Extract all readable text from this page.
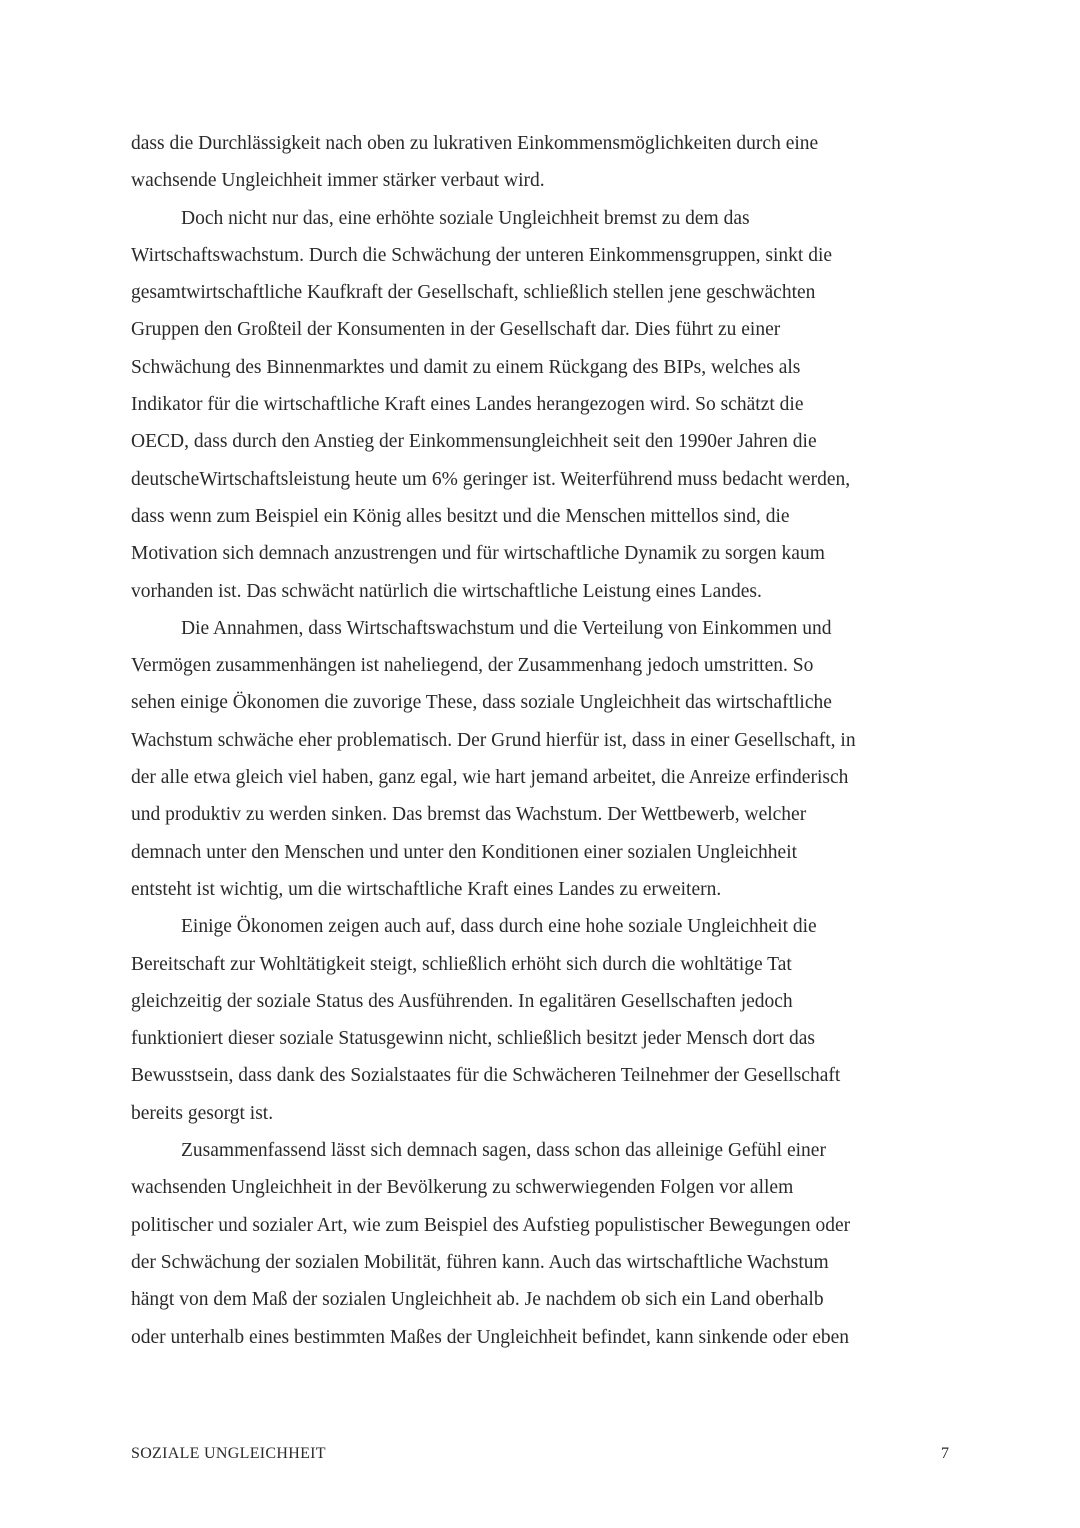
dass die Durchlässigkeit nach oben zu lukrativen Einkommensmöglichkeiten durch eine
wachsende Ungleichheit immer stärker verbaut wird.
Doch nicht nur das, eine erhöhte soziale Ungleichheit bremst zu dem das
Wirtschaftswachstum. Durch die Schwächung der unteren Einkommensgruppen, sinkt die
gesamtwirtschaftliche Kaufkraft der Gesellschaft, schließlich stellen jene geschwächten
Gruppen den Großteil der Konsumenten in der Gesellschaft dar. Dies führt zu einer
Schwächung des Binnenmarktes und damit zu einem Rückgang des BIPs, welches als
Indikator für die wirtschaftliche Kraft eines Landes herangezogen wird. So schätzt die
OECD, dass durch den Anstieg der Einkommensungleichheit seit den 1990er Jahren die
deutscheWirtschaftsleistung heute um 6% geringer ist. Weiterführend muss bedacht werden,
dass wenn zum Beispiel ein König alles besitzt und die Menschen mittellos sind, die
Motivation sich demnach anzustrengen und für wirtschaftliche Dynamik zu sorgen kaum
vorhanden ist. Das schwächt natürlich die wirtschaftliche Leistung eines Landes.
Die Annahmen, dass Wirtschaftswachstum und die Verteilung von Einkommen und
Vermögen zusammenhängen ist naheliegend, der Zusammenhang jedoch umstritten. So
sehen einige Ökonomen die zuvorige These, dass soziale Ungleichheit das wirtschaftliche
Wachstum schwäche eher problematisch. Der Grund hierfür ist, dass in einer Gesellschaft, in
der alle etwa gleich viel haben, ganz egal, wie hart jemand arbeitet, die Anreize erfinderisch
und produktiv zu werden sinken. Das bremst das Wachstum. Der Wettbewerb, welcher
demnach unter den Menschen und unter den Konditionen einer sozialen Ungleichheit
entsteht ist wichtig, um die wirtschaftliche Kraft eines Landes zu erweitern.
Einige Ökonomen zeigen auch auf, dass durch eine hohe soziale Ungleichheit die
Bereitschaft zur Wohltätigkeit steigt, schließlich erhöht sich durch die wohltätige Tat
gleichzeitig der soziale Status des Ausführenden. In egalitären Gesellschaften jedoch
funktioniert dieser soziale Statusgewinn nicht, schließlich besitzt jeder Mensch dort das
Bewusstsein, dass dank des Sozialstaates für die Schwächeren Teilnehmer der Gesellschaft
bereits gesorgt ist.
Zusammenfassend lässt sich demnach sagen, dass schon das alleinige Gefühl einer
wachsenden Ungleichheit in der Bevölkerung zu schwerwiegenden Folgen vor allem
politischer und sozialer Art, wie zum Beispiel des Aufstieg populistischer Bewegungen oder
der Schwächung der sozialen Mobilität, führen kann. Auch das wirtschaftliche Wachstum
hängt von dem Maß der sozialen Ungleichheit ab. Je nachdem ob sich ein Land oberhalb
oder unterhalb eines bestimmten Maßes der Ungleichheit befindet, kann sinkende oder eben
SOZIALE UNGLEICHHEIT	7
